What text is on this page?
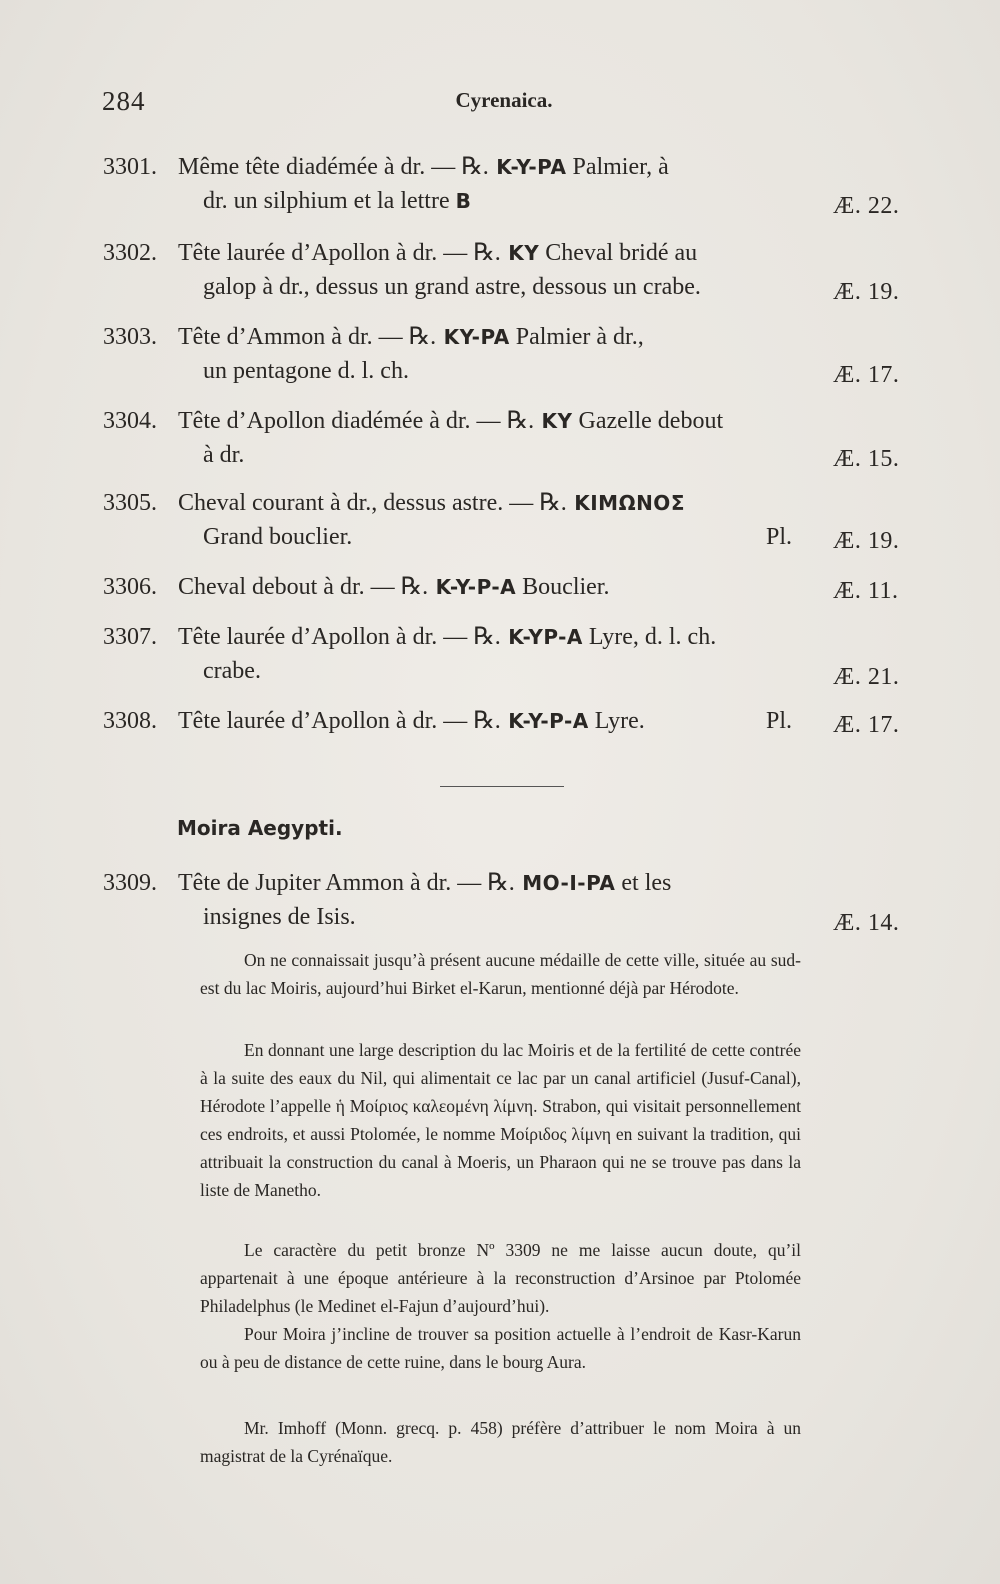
284	Cyrenaica.
3301. Même tête diadémée à dr. — ℞. K-Y-PA Palmier, à
dr. un silphium et la lettre B	Æ. 22.
3302. Tête laurée d’Apollon à dr. — ℞. KY Cheval bridé au
galop à dr., dessus un grand astre, dessous un crabe.	Æ. 19.
3303. Tête d’Ammon à dr. — ℞. KY-PA Palmier à dr.,
un pentagone d. l. ch.	Æ. 17.
3304. Tête d’Apollon diadémée à dr. — ℞. KY Gazelle debout
à dr.	Æ. 15.
3305. Cheval courant à dr., dessus astre. — ℞. KIMΩNOΣ
Grand bouclier.	Pl. Æ. 19.
3306. Cheval debout à dr. — ℞. K-Y-P-A Bouclier.	Æ. 11.
3307. Tête laurée d’Apollon à dr. — ℞. K-YP-A Lyre, d. l. ch.
crabe.	Æ. 21.
3308. Tête laurée d’Apollon à dr. — ℞. K-Y-P-A Lyre.	Pl. Æ. 17.
Moira Aegypti.
3309. Tête de Jupiter Ammon à dr. — ℞. MO-I-PA et les
insignes de Isis.	Æ. 14.

On ne connaissait jusqu’à présent aucune médaille de cette ville, située au sud-est du lac Moiris, aujourd’hui Birket el-Karun, mentionné déjà par Hérodote.

En donnant une large description du lac Moiris et de la fertilité de cette contrée à la suite des eaux du Nil, qui alimentait ce lac par un canal artificiel (Jusuf-Canal), Hérodote l’appelle ἡ Μοίριος καλεομένη λίμνη. Strabon, qui visitait personnellement ces endroits, et aussi Ptolomée, le nomme Μοίριδος λίμνη en suivant la tradition, qui attribuait la construction du canal à Moeris, un Pharaon qui ne se trouve pas dans la liste de Manetho.

Le caractère du petit bronze Nº 3309 ne me laisse aucun doute, qu’il appartenait à une époque antérieure à la reconstruction d’Arsinoe par Ptolomée Philadelphus (le Medinet el-Fajun d’aujourd’hui).

Pour Moira j’incline de trouver sa position actuelle à l’endroit de Kasr-Karun ou à peu de distance de cette ruine, dans le bourg Aura.

Mr. Imhoff (Monn. grecq. p. 458) préfère d’attribuer le nom Moira à un magistrat de la Cyrénaïque.
